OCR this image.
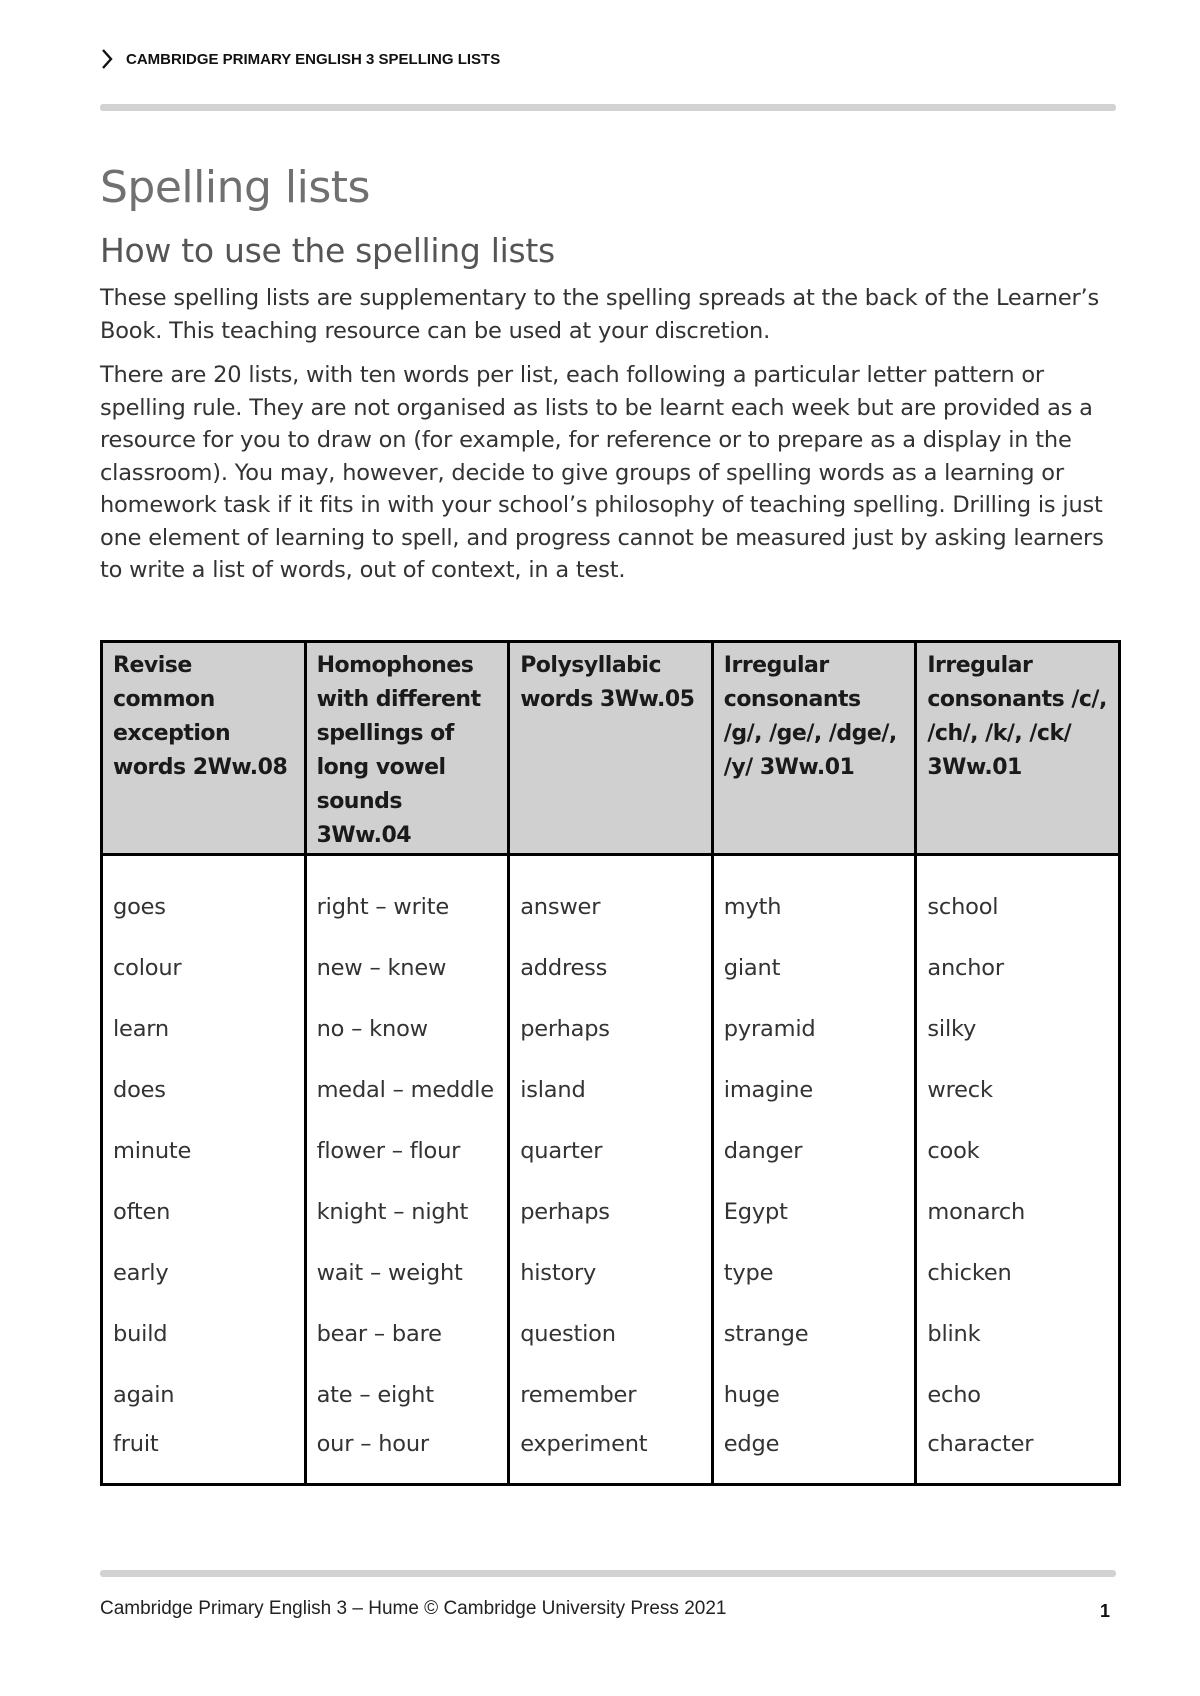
CAMBRIDGE PRIMARY ENGLISH 3 SPELLING LISTS
Spelling lists
How to use the spelling lists

These spelling lists are supplementary to the spelling spreads at the back of the Learner’s Book. This teaching resource can be used at your discretion.

There are 20 lists, with ten words per list, each following a particular letter pattern or spelling rule. They are not organised as lists to be learnt each week but are provided as a resource for you to draw on (for example, for reference or to prepare as a display in the classroom). You may, however, decide to give groups of spelling words as a learning or homework task if it fits in with your school’s philosophy of teaching spelling. Drilling is just one element of learning to spell, and progress cannot be measured just by asking learners to write a list of words, out of context, in a test.

Revise common exception words 2Ww.08	Homophones with different spellings of long vowel sounds 3Ww.04	Polysyllabic words 3Ww.05	Irregular consonants /g/, /ge/, /dge/, /y/ 3Ww.01	Irregular consonants /c/, /ch/, /k/, /ck/ 3Ww.01
goes	right – write	answer	myth	school
colour	new – knew	address	giant	anchor
learn	no – know	perhaps	pyramid	silky
does	medal – meddle	island	imagine	wreck
minute	flower – flour	quarter	danger	cook
often	knight – night	perhaps	Egypt	monarch
early	wait – weight	history	type	chicken
build	bear – bare	question	strange	blink
again	ate – eight	remember	huge	echo
fruit	our – hour	experiment	edge	character
Cambridge Primary English 3 – Hume © Cambridge University Press 2021	1
